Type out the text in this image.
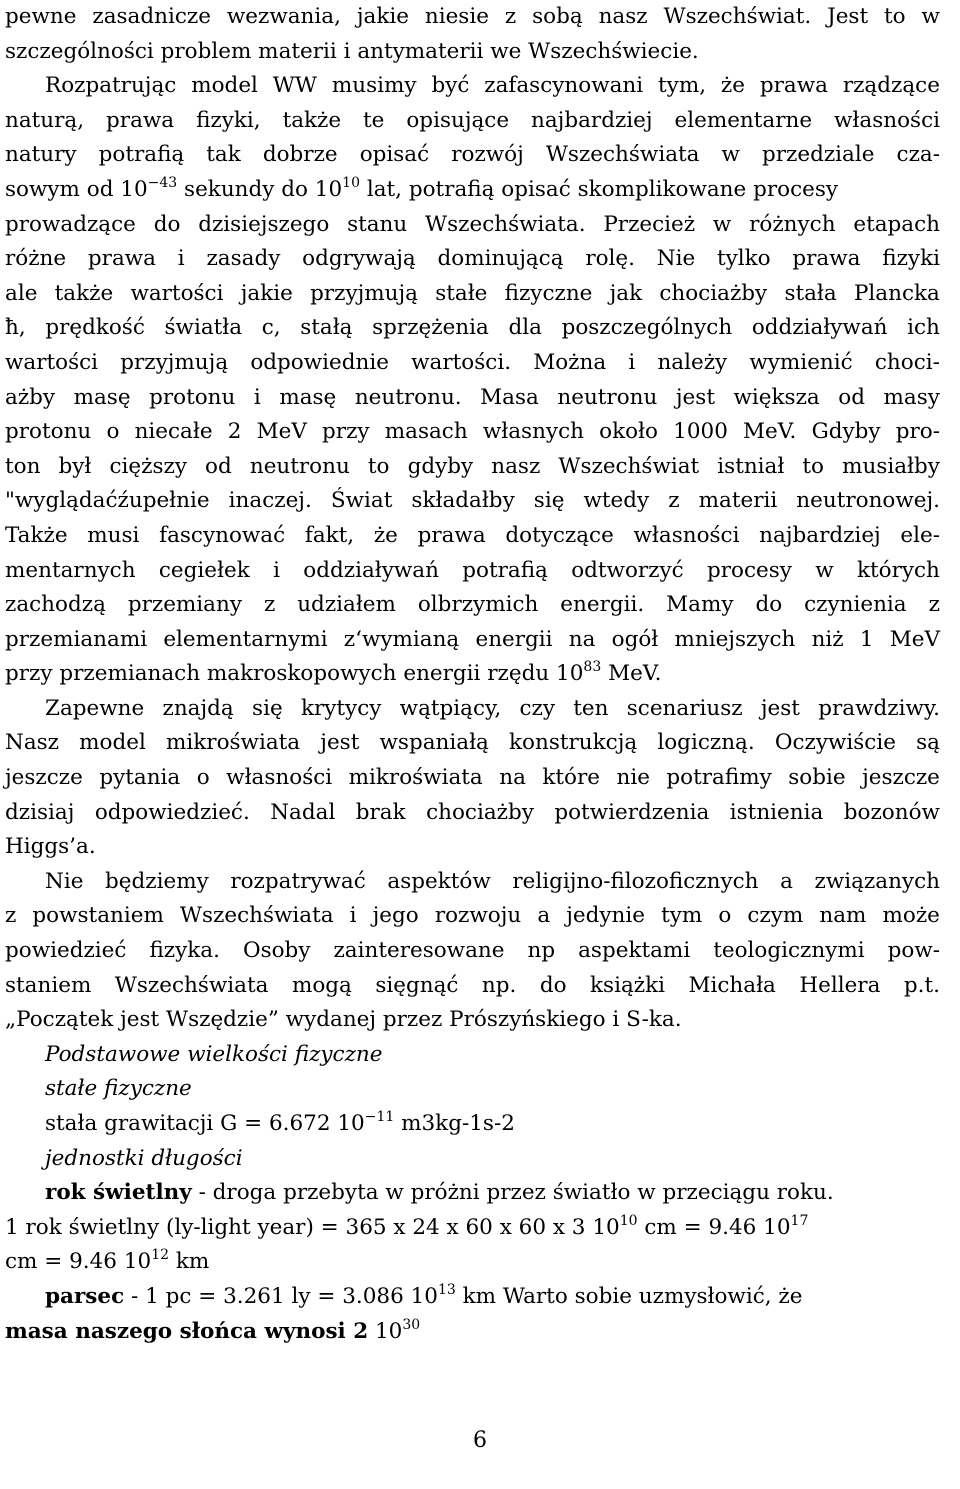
pewne zasadnicze wezwania, jakie niesie z sobą nasz Wszechświat. Jest to w
szczególności problem materii i antymaterii we Wszechświecie.
Rozpatrując model WW musimy być zafascynowani tym, że prawa rządzące
naturą, prawa fizyki, także te opisujące najbardziej elementarne własności
natury potrafią tak dobrze opisać rozwój Wszechświata w przedziale cza-
sowym od $10^{-43}$ sekundy do $10^{10}$ lat, potrafią opisać skomplikowane procesy
prowadzące do dzisiejszego stanu Wszechświata. Przecież w różnych etapach
różne prawa i zasady odgrywają dominującą rolę. Nie tylko prawa fizyki
ale także wartości jakie przyjmują stałe fizyczne jak chociażby stała Plancka
ħ, prędkość światła c, stałą sprzężenia dla poszczególnych oddziaływań ich
wartości przyjmują odpowiednie wartości. Można i należy wymienić choci-
ażby masę protonu i masę neutronu. Masa neutronu jest większa od masy
protonu o niecałe 2 MeV przy masach własnych około 1000 MeV. Gdyby pro-
ton był cięższy od neutronu to gdyby nasz Wszechświat istniał to musiałby
"wyglądaćźupełnie inaczej. Świat składałby się wtedy z materii neutronowej.
Także musi fascynować fakt, że prawa dotyczące własności najbardziej ele-
mentarnych cegiełek i oddziaływań potrafią odtworzyć procesy w których
zachodzą przemiany z udziałem olbrzymich energii. Mamy do czynienia z
przemianami elementarnymi z‘wymianą energii na ogół mniejszych niż 1 MeV
przy przemianach makroskopowych energii rzędu $10^{83}$ MeV.
Zapewne znajdą się krytycy wątpiący, czy ten scenariusz jest prawdziwy.
Nasz model mikroświata jest wspaniałą konstrukcją logiczną. Oczywiście są
jeszcze pytania o własności mikroświata na które nie potrafimy sobie jeszcze
dzisiaj odpowiedzieć. Nadal brak chociażby potwierdzenia istnienia bozonów
Higgs’a.
Nie będziemy rozpatrywać aspektów religijno-filozoficznych a związanych
z powstaniem Wszechświata i jego rozwoju a jedynie tym o czym nam może
powiedzieć fizyka. Osoby zainteresowane np aspektami teologicznymi pow-
staniem Wszechświata mogą sięgnąć np. do książki Michała Hellera p.t.
„Początek jest Wszędzie” wydanej przez Prószyńskiego i S-ka.
Podstawowe wielkości fizyczne
stałe fizyczne
stała grawitacji G = 6.672 $10^{-11}$ m3kg-1s-2
jednostki długości
rok świetlny - droga przebyta w próżni przez światło w przeciągu roku.
1 rok świetlny (ly-light year) = 365 x 24 x 60 x 60 x 3 $10^{10}$ cm = 9.46 $10^{17}$
cm = 9.46 $10^{12}$ km
parsec - 1 pc = 3.261 ly = 3.086 $10^{13}$ km Warto sobie uzmysłowić, że
masa naszego słońca wynosi 2 $10^{30}$
6
